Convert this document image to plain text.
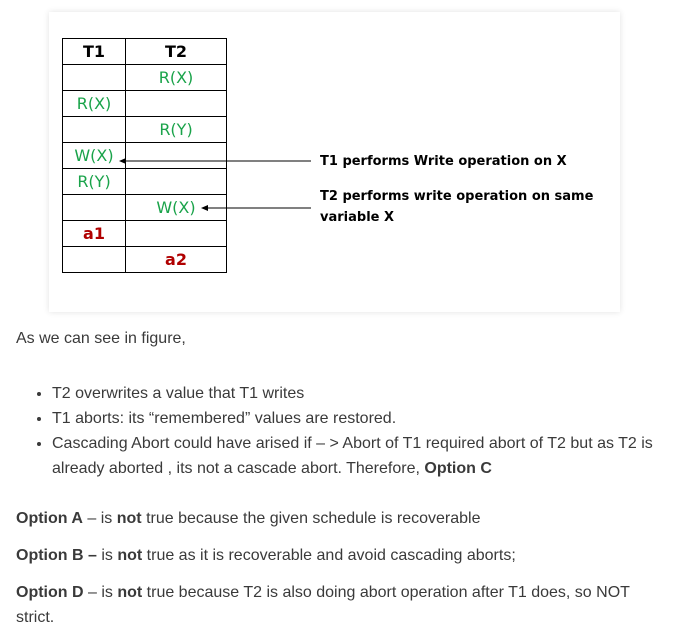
T1	T2
	R(X)
R(X)	
	R(Y)
W(X)	
R(Y)	
	W(X)
a1	
	a2
T1 performs Write operation on X
T2 performs write operation on same
variable X
As we can see in figure,
• T2 overwrites a value that T1 writes
• T1 aborts: its “remembered” values are restored.
• Cascading Abort could have arised if – > Abort of T1 required abort of T2 but as T2 is already aborted , its not a cascade abort. Therefore, Option C
Option A – is not true because the given schedule is recoverable
Option B – is not true as it is recoverable and avoid cascading aborts;
Option D – is not true because T2 is also doing abort operation after T1 does, so NOT strict.
